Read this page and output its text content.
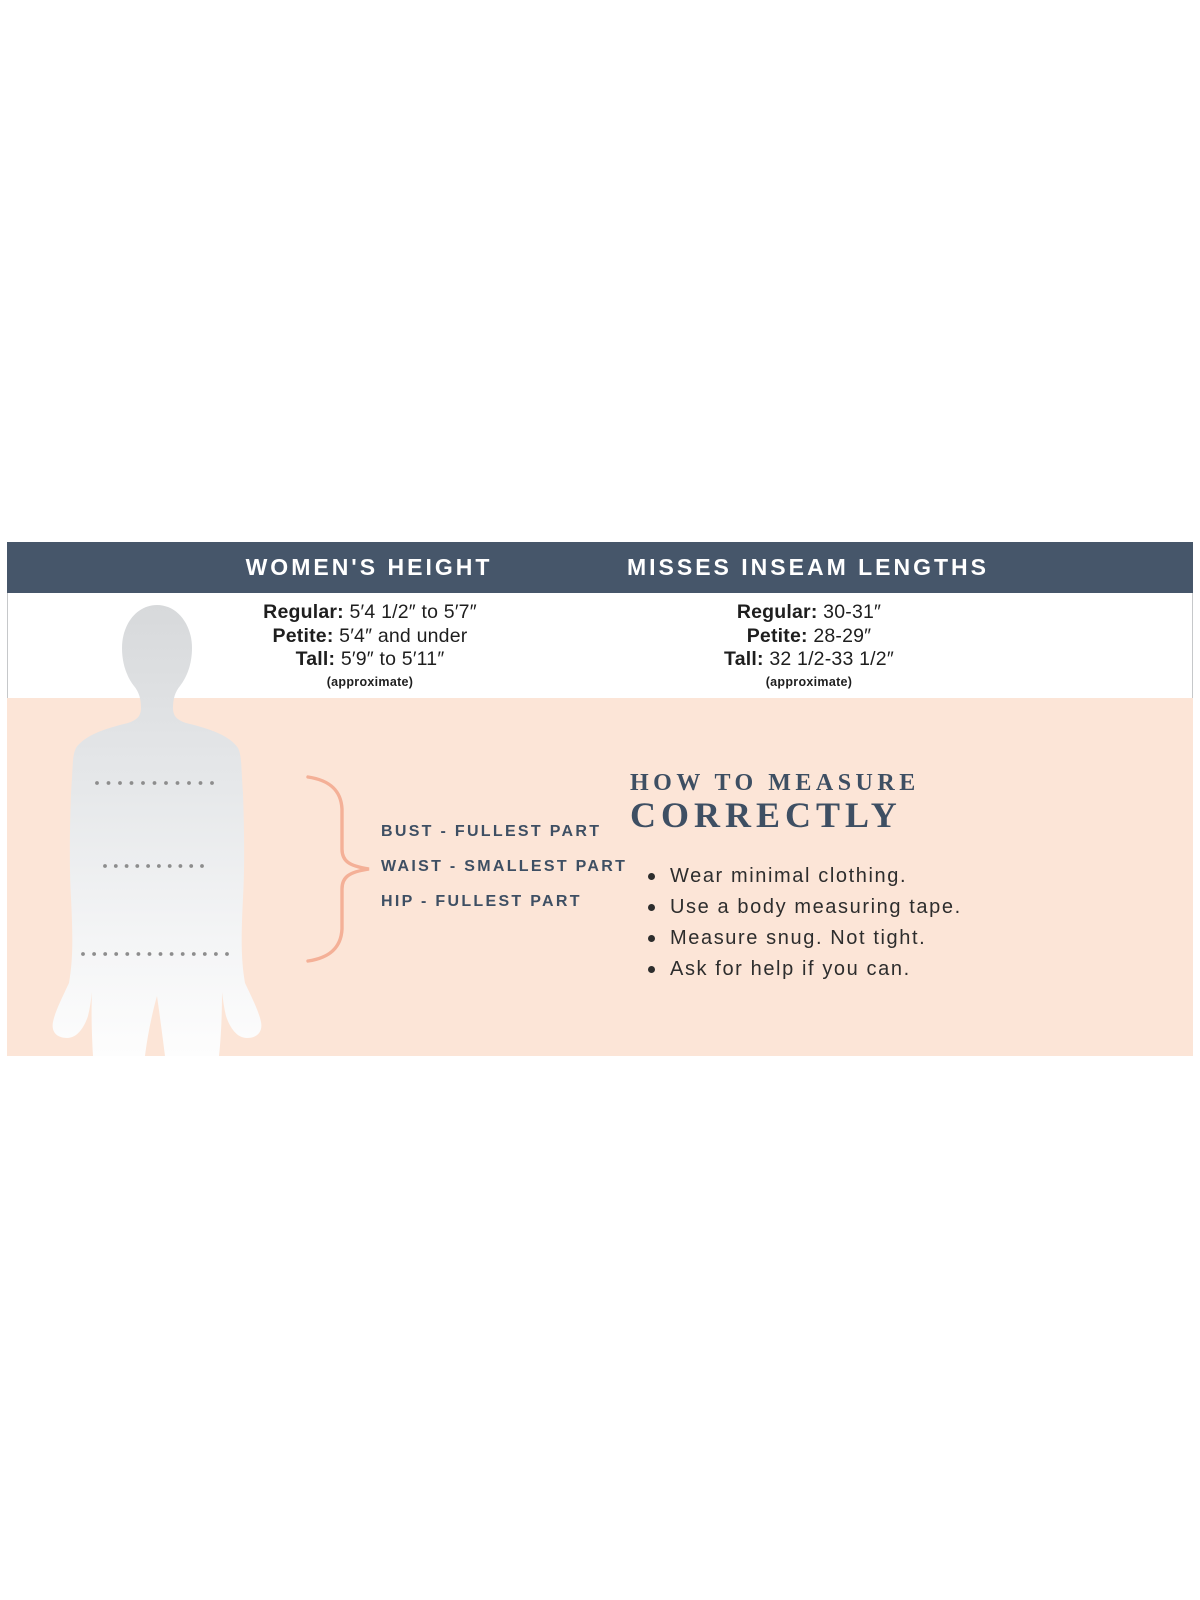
WOMEN'S HEIGHT	MISSES INSEAM LENGTHS
Regular: 5′4 1/2″ to 5′7″
Petite: 5′4″ and under
Tall: 5′9″ to 5′11″
(approximate)
Regular: 30-31″
Petite: 28-29″
Tall: 32 1/2-33 1/2″
(approximate)
BUST - FULLEST PART
WAIST - SMALLEST PART
HIP - FULLEST PART
HOW TO MEASURE
CORRECTLY
Wear minimal clothing.
Use a body measuring tape.
Measure snug. Not tight.
Ask for help if you can.
